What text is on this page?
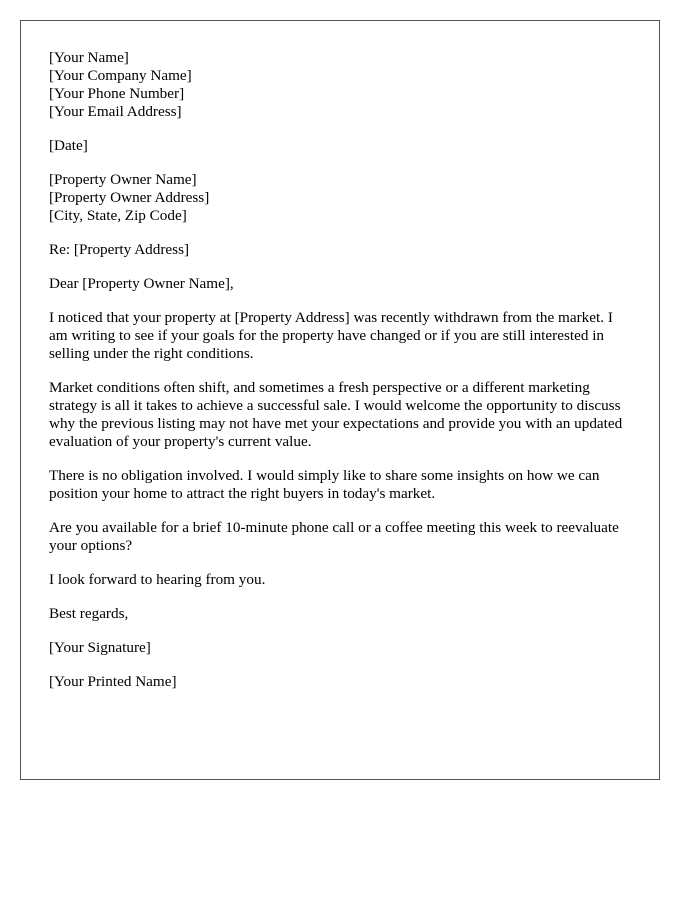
[Your Name]
[Your Company Name]
[Your Phone Number]
[Your Email Address]
[Date]
[Property Owner Name]
[Property Owner Address]
[City, State, Zip Code]

Re: [Property Address]

Dear [Property Owner Name],

I noticed that your property at [Property Address] was recently withdrawn from the market. I am writing to see if your goals for the property have changed or if you are still interested in selling under the right conditions.

Market conditions often shift, and sometimes a fresh perspective or a different marketing strategy is all it takes to achieve a successful sale. I would welcome the opportunity to discuss why the previous listing may not have met your expectations and provide you with an updated evaluation of your property's current value.

There is no obligation involved. I would simply like to share some insights on how we can position your home to attract the right buyers in today's market.

Are you available for a brief 10-minute phone call or a coffee meeting this week to reevaluate your options?

I look forward to hearing from you.

Best regards,

[Your Signature]

[Your Printed Name]
